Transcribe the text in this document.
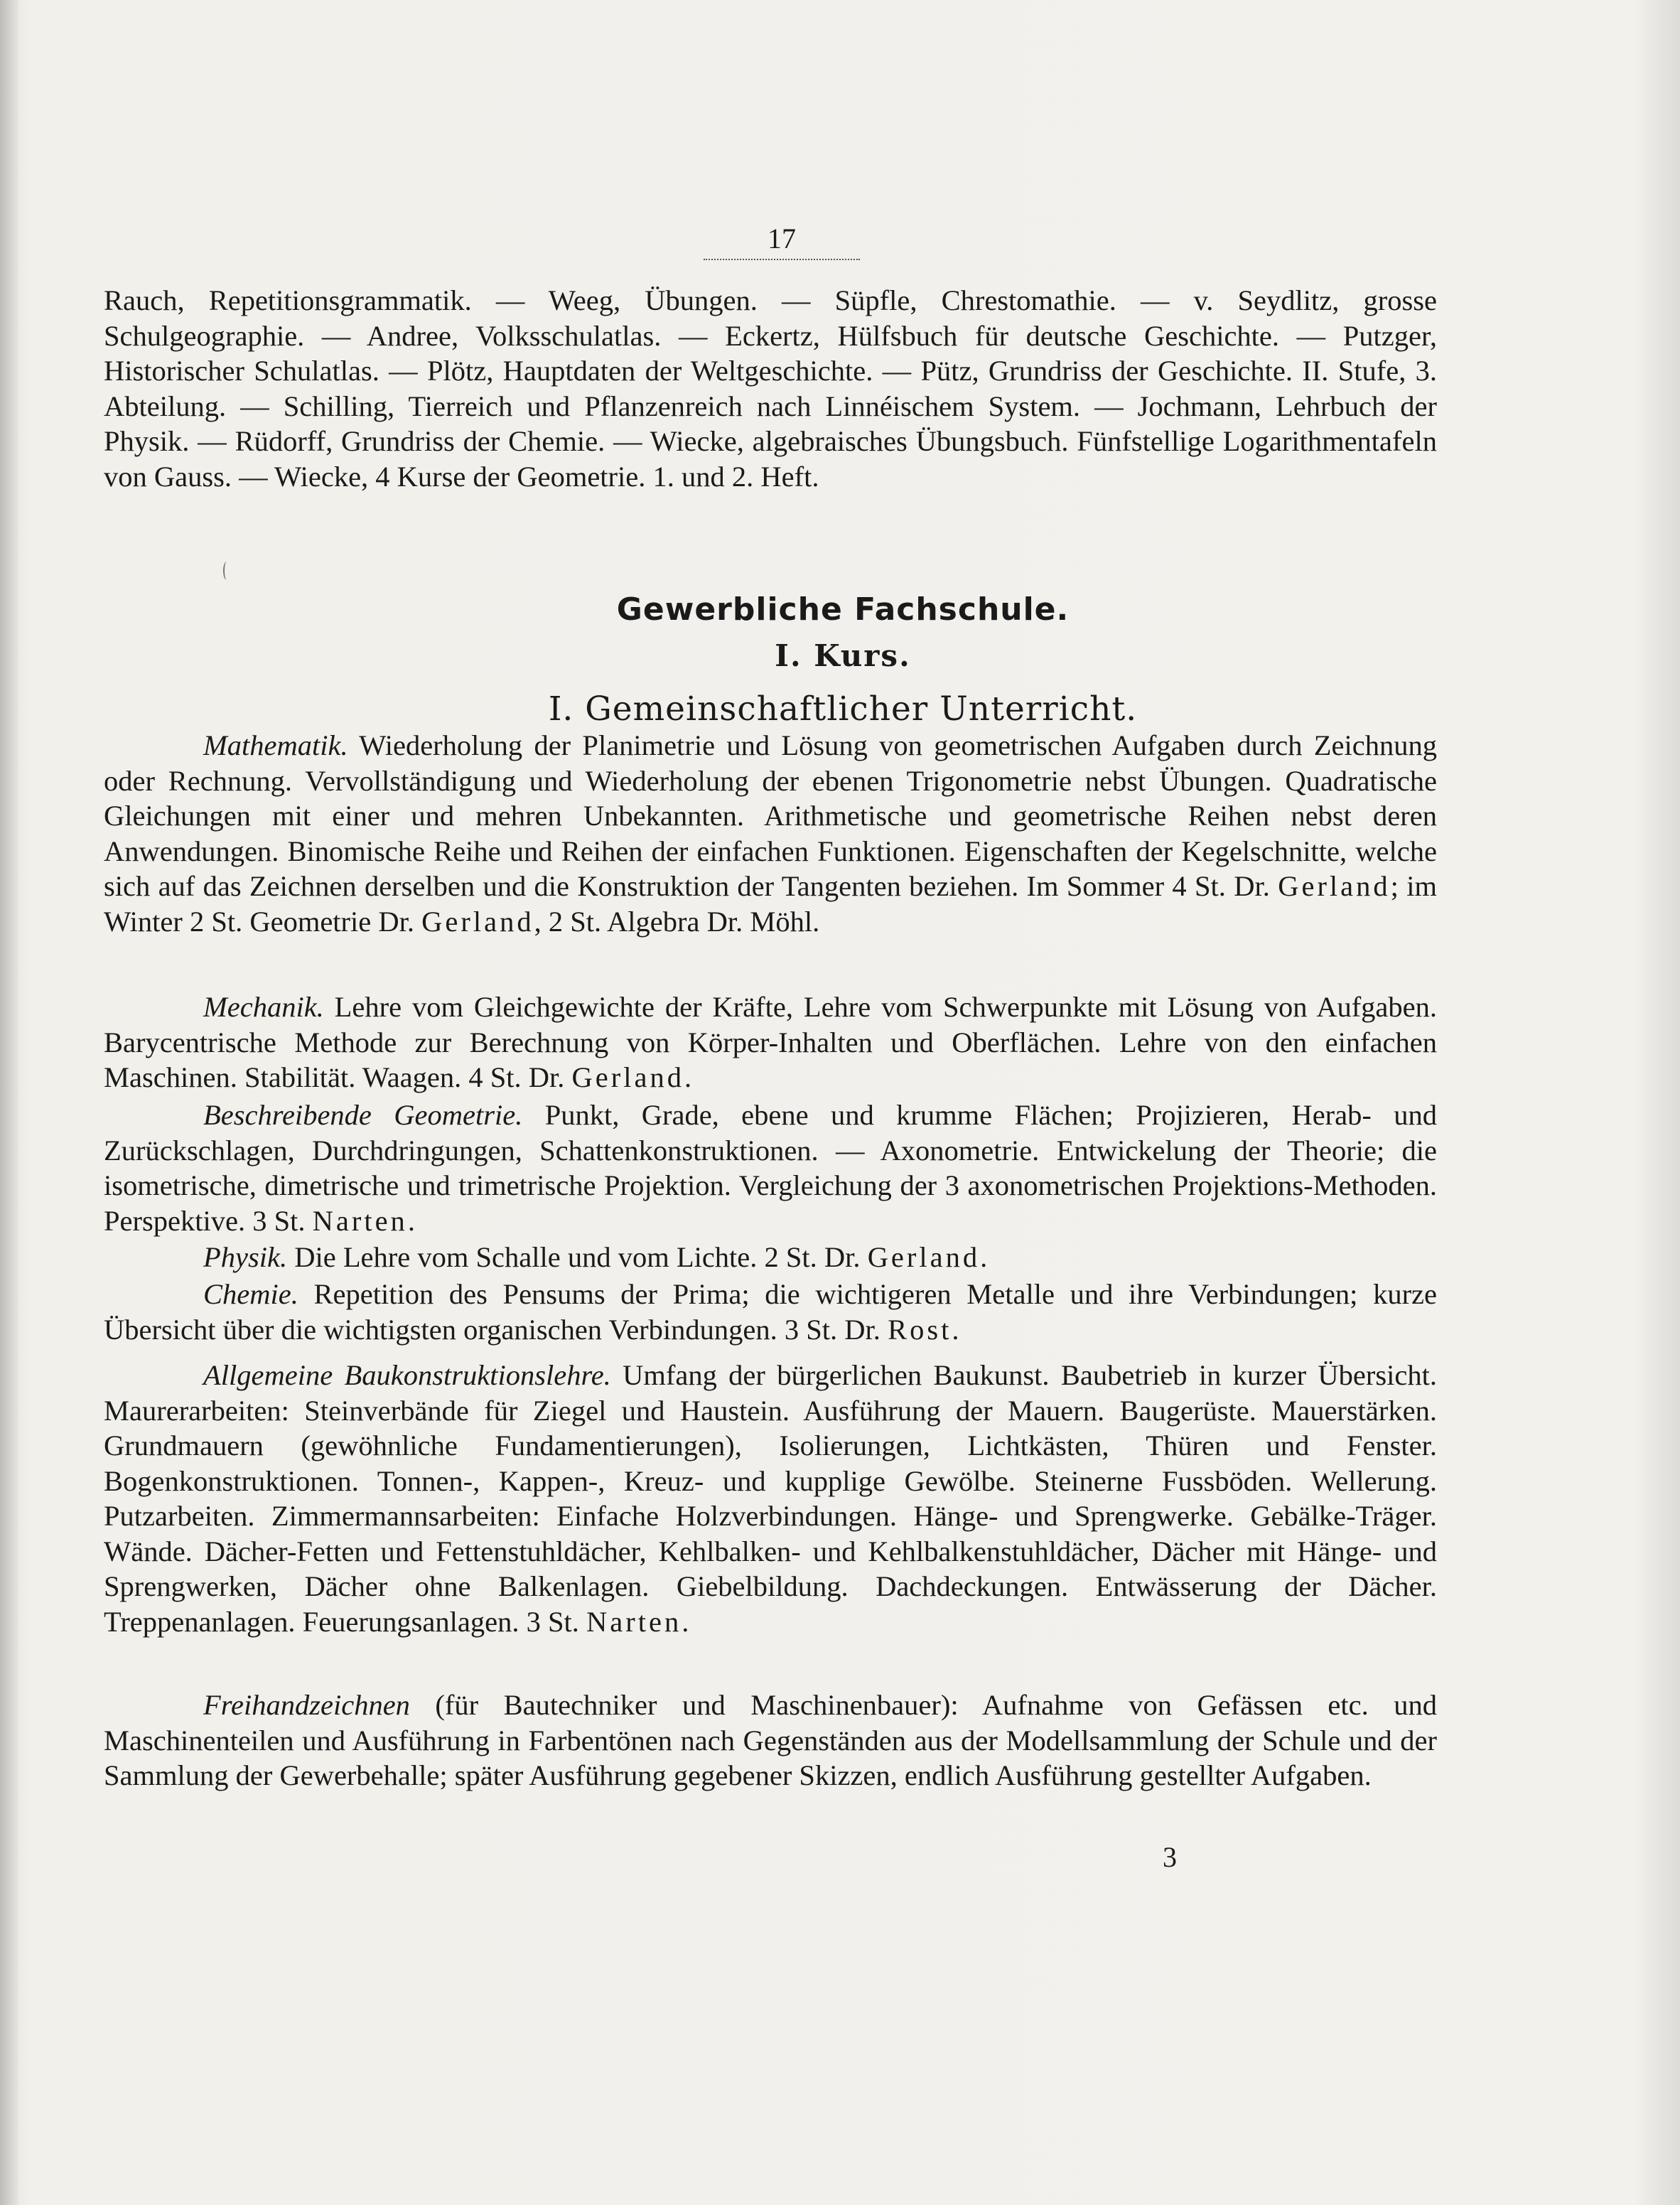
17

Rauch, Repetitionsgrammatik. — Weeg, Übungen. — Süpfle, Chrestomathie. — v. Seydlitz, grosse Schulgeographie. — Andree, Volksschulatlas. — Eckertz, Hülfsbuch für deutsche Geschichte. — Putzger, Historischer Schulatlas. — Plötz, Hauptdaten der Weltgeschichte. — Pütz, Grundriss der Geschichte. II. Stufe, 3. Abteilung. — Schilling, Tierreich und Pflanzenreich nach Linnéischem System. — Jochmann, Lehrbuch der Physik. — Rüdorff, Grundriss der Chemie. — Wiecke, algebraisches Übungsbuch. Fünfstellige Logarithmentafeln von Gauss. — Wiecke, 4 Kurse der Geometrie. 1. und 2. Heft.

Gewerbliche Fachschule.
I. Kurs.
I. Gemeinschaftlicher Unterricht.

Mathematik. Wiederholung der Planimetrie und Lösung von geometrischen Aufgaben durch Zeichnung oder Rechnung. Vervollständigung und Wiederholung der ebenen Trigonometrie nebst Übungen. Quadratische Gleichungen mit einer und mehren Unbekannten. Arithmetische und geometrische Reihen nebst deren Anwendungen. Binomische Reihe und Reihen der einfachen Funktionen. Eigenschaften der Kegelschnitte, welche sich auf das Zeichnen derselben und die Konstruktion der Tangenten beziehen. Im Sommer 4 St. Dr. Gerland; im Winter 2 St. Geometrie Dr. Gerland, 2 St. Algebra Dr. Möhl.

Mechanik. Lehre vom Gleichgewichte der Kräfte, Lehre vom Schwerpunkte mit Lösung von Aufgaben. Barycentrische Methode zur Berechnung von Körper-Inhalten und Oberflächen. Lehre von den einfachen Maschinen. Stabilität. Waagen. 4 St. Dr. Gerland.

Beschreibende Geometrie. Punkt, Grade, ebene und krumme Flächen; Projizieren, Herab- und Zurückschlagen, Durchdringungen, Schattenkonstruktionen. — Axonometrie. Entwickelung der Theorie; die isometrische, dimetrische und trimetrische Projektion. Vergleichung der 3 axonometrischen Projektions-Methoden. Perspektive. 3 St. Narten.

Physik. Die Lehre vom Schalle und vom Lichte. 2 St. Dr. Gerland.

Chemie. Repetition des Pensums der Prima; die wichtigeren Metalle und ihre Verbindungen; kurze Übersicht über die wichtigsten organischen Verbindungen. 3 St. Dr. Rost.

Allgemeine Baukonstruktionslehre. Umfang der bürgerlichen Baukunst. Baubetrieb in kurzer Übersicht. Maurerarbeiten: Steinverbände für Ziegel und Haustein. Ausführung der Mauern. Baugerüste. Mauerstärken. Grundmauern (gewöhnliche Fundamentierungen), Isolierungen, Lichtkästen, Thüren und Fenster. Bogenkonstruktionen. Tonnen-, Kappen-, Kreuz- und kupplige Gewölbe. Steinerne Fussböden. Wellerung. Putzarbeiten. Zimmermannsarbeiten: Einfache Holzverbindungen. Hänge- und Sprengwerke. Gebälke-Träger. Wände. Dächer-Fetten und Fettenstuhldächer, Kehlbalken- und Kehlbalkenstuhldächer, Dächer mit Hänge- und Sprengwerken, Dächer ohne Balkenlagen. Giebelbildung. Dachdeckungen. Entwässerung der Dächer. Treppenanlagen. Feuerungsanlagen. 3 St. Narten.

Freihandzeichnen (für Bautechniker und Maschinenbauer): Aufnahme von Gefässen etc. und Maschinenteilen und Ausführung in Farbentönen nach Gegenständen aus der Modellsammlung der Schule und der Sammlung der Gewerbehalle; später Ausführung gegebener Skizzen, endlich Ausführung gestellter Aufgaben.

3
